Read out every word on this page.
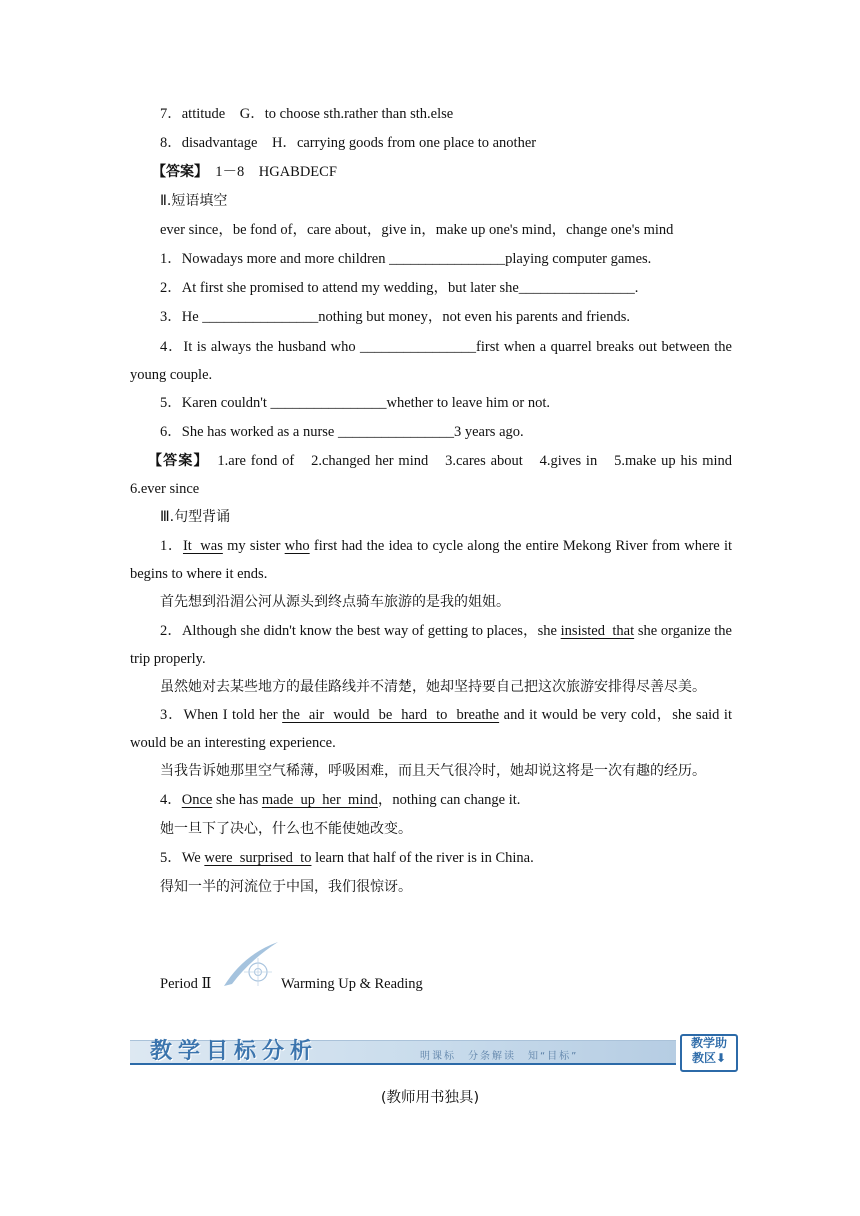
7．attitude G．to choose sth.rather than sth.else
8．disadvantage H．carrying goods from one place to another
【答案】 1－8　HGABDECF
Ⅱ.短语填空
ever since，be fond of，care about，give in，make up one's mind，change one's mind
1．Nowadays more and more children ________________playing computer games.
2．At first she promised to attend my wedding，but later she________________.
3．He ________________nothing but money，not even his parents and friends.
4．It is always the husband who ________________first when a quarrel breaks out between the young couple.
5．Karen couldn't ________________whether to leave him or not.
6．She has worked as a nurse ________________3 years ago.
【答案】　1.are fond of　2.changed her mind　3.cares about　4.gives in　5.make up his mind　6.ever since
Ⅲ.句型背诵
1．It  was my sister who first had the idea to cycle along the entire Mekong River from where it begins to where it ends.
首先想到沿湄公河从源头到终点骑车旅游的是我的姐姐。
2．Although she didn't know the best way of getting to places，she insisted  that she organize the trip properly.
虽然她对去某些地方的最佳路线并不清楚，她却坚持要自己把这次旅游安排得尽善尽美。
3．When I told her the  air  would  be  hard  to  breathe and it would be very cold，she said it would be an interesting experience.
当我告诉她那里空气稀薄，呼吸困难，而且天气很冷时，她却说这将是一次有趣的经历。
4．Once she has made  up  her  mind，nothing can change it.
她一旦下了决心，什么也不能使她改变。
5．We were  surprised  to learn that half of the river is in China.
得知一半的河流位于中国，我们很惊讶。
Period Ⅱ	Warming Up & Reading
教学目标分析	明课标　分条解读　知“目标”
教学助
教区⬇
(教师用书独具)
